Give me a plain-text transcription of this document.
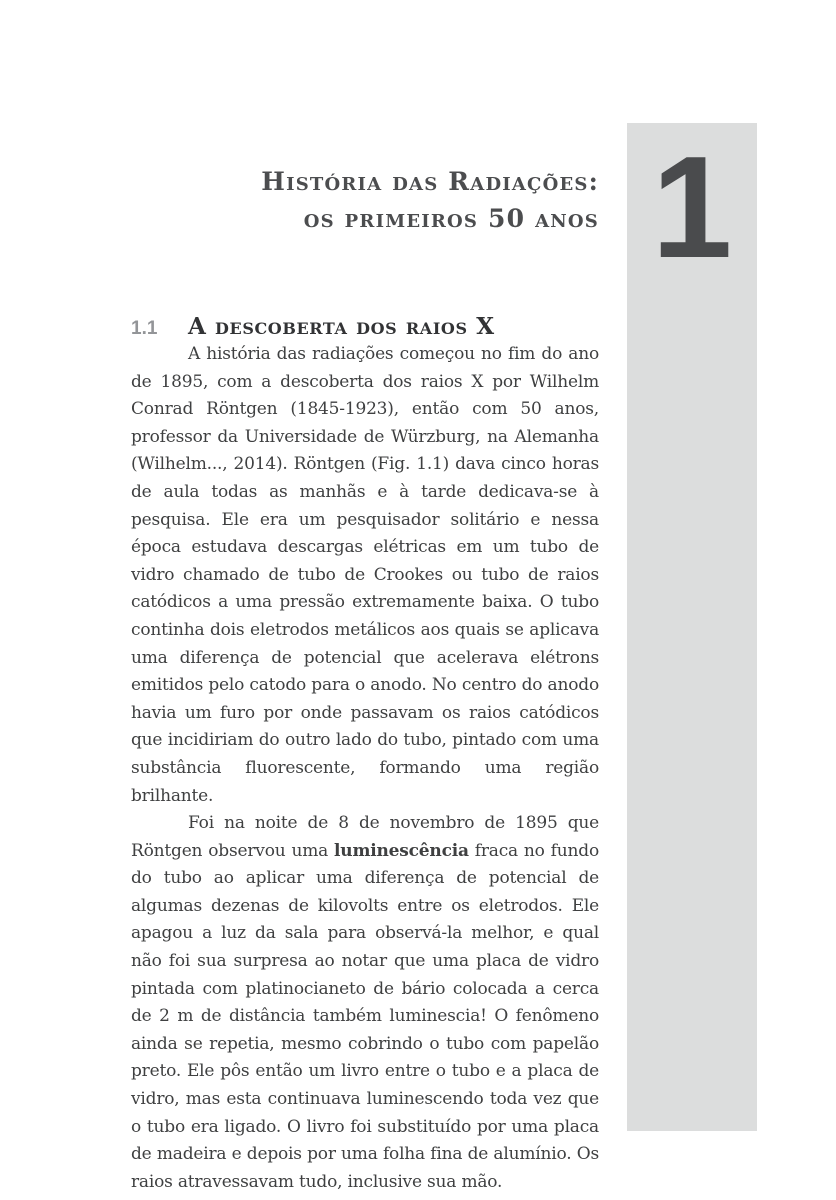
1
História das Radiações:
os primeiros 50 anos
1.1	A descoberta dos raios X

A história das radiações começou no fim do ano de 1895, com a descoberta dos raios X por Wilhelm Conrad Röntgen (1845-1923), então com 50 anos, professor da Universidade de Würzburg, na Alemanha (Wilhelm..., 2014). Röntgen (Fig. 1.1) dava cinco horas de aula todas as manhãs e à tarde dedicava-se à pesquisa. Ele era um pesquisador solitário e nessa época estudava descargas elétricas em um tubo de vidro chamado de tubo de Crookes ou tubo de raios catódicos a uma pressão extremamente baixa. O tubo continha dois eletrodos metálicos aos quais se aplicava uma diferença de potencial que acelerava elétrons emitidos pelo catodo para o anodo. No centro do anodo havia um furo por onde passavam os raios catódicos que incidiriam do outro lado do tubo, pintado com uma substância fluorescente, formando uma região brilhante.

Foi na noite de 8 de novembro de 1895 que Röntgen observou uma luminescência fraca no fundo do tubo ao aplicar uma diferença de potencial de algumas dezenas de kilovolts entre os eletrodos. Ele apagou a luz da sala para observá-la melhor, e qual não foi sua surpresa ao notar que uma placa de vidro pintada com platinocianeto de bário colocada a cerca de 2 m de distância também luminescia! O fenômeno ainda se repetia, mesmo cobrindo o tubo com papelão preto. Ele pôs então um livro entre o tubo e a placa de vidro, mas esta continuava luminescendo toda vez que o tubo era ligado. O livro foi substituído por uma placa de madeira e depois por uma folha fina de alumínio. Os raios atravessavam tudo, inclusive sua mão.
